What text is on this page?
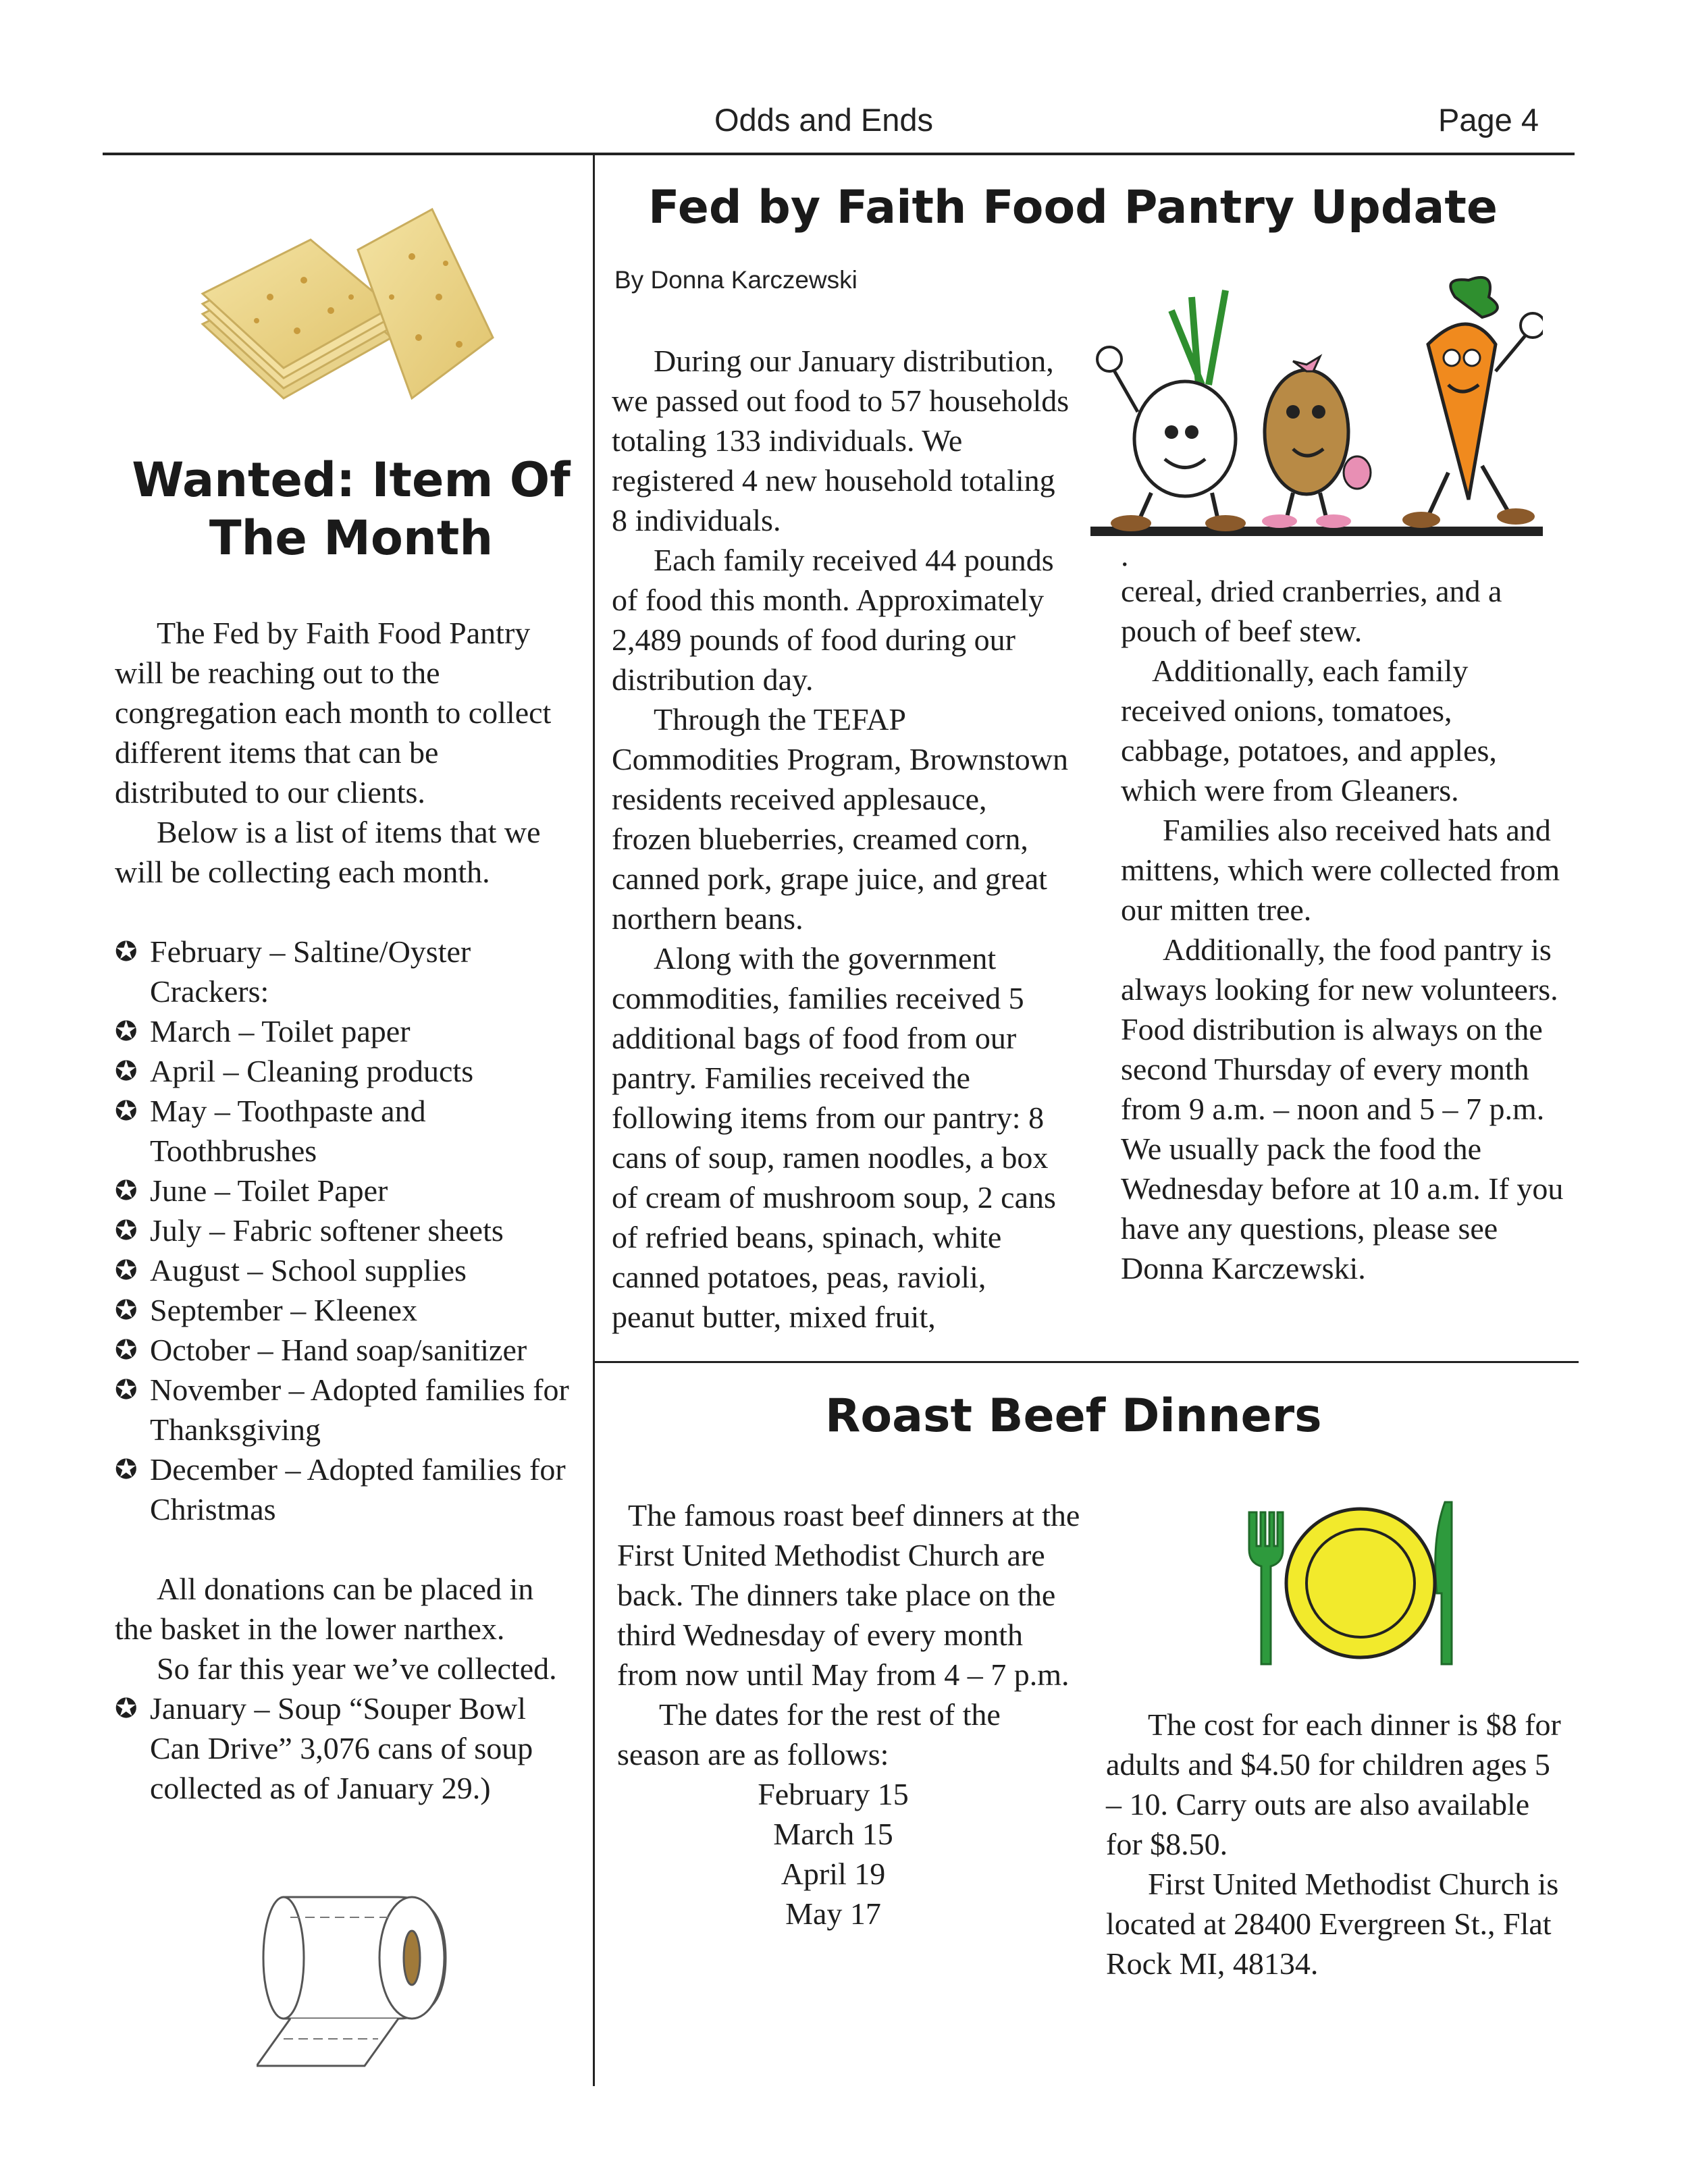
Odds and Ends	Page 4
Wanted: Item Of The Month

The Fed by Faith Food Pantry will be reaching out to the congregation each month to collect different items that can be distributed to our clients.

Below is a list of items that we will be collecting each month.

✪ February – Saltine/Oyster Crackers:
✪ March – Toilet paper
✪ April – Cleaning products
✪ May – Toothpaste and Toothbrushes
✪ June – Toilet Paper
✪ July – Fabric softener sheets
✪ August – School supplies
✪ September – Kleenex
✪ October – Hand soap/sanitizer
✪ November – Adopted families for Thanksgiving
✪ December – Adopted families for Christmas

All donations can be placed in the basket in the lower narthex.

So far this year we’ve collected.

✪ January – Soup “Souper Bowl Can Drive” 3,076 cans of soup collected as of January 29.)
Fed by Faith Food Pantry Update
By Donna Karczewski

During our January distribution, we passed out food to 57 households totaling 133 individuals. We registered 4 new household totaling 8 individuals.

Each family received 44 pounds of food this month. Approximately 2,489 pounds of food during our distribution day.

Through the TEFAP Commodities Program, Brownstown residents received applesauce, frozen blueberries, creamed corn, canned pork, grape juice, and great northern beans.

Along with the government commodities, families received 5 additional bags of food from our pantry. Families received the following items from our pantry: 8 cans of soup, ramen noodles, a box of cream of mushroom soup, 2 cans of refried beans, spinach, white canned potatoes, peas, ravioli, peanut butter, mixed fruit,

.

cereal, dried cranberries, and a pouch of beef stew.

Additionally, each family received onions, tomatoes, cabbage, potatoes, and apples, which were from Gleaners.

Families also received hats and mittens, which were collected from our mitten tree.

Additionally, the food pantry is always looking for new volunteers. Food distribution is always on the second Thursday of every month from 9 a.m. – noon and 5 – 7 p.m. We usually pack the food the Wednesday before at 10 a.m. If you have any questions, please see Donna Karczewski.

Roast Beef Dinners

The famous roast beef dinners at the First United Methodist Church are back. The dinners take place on the third Wednesday of every month from now until May from 4 – 7 p.m.

The dates for the rest of the season are as follows:

February 15
March 15
April 19
May 17

The cost for each dinner is $8 for adults and $4.50 for children ages 5 – 10. Carry outs are also available for $8.50.

First United Methodist Church is located at 28400 Evergreen St., Flat Rock MI, 48134.
